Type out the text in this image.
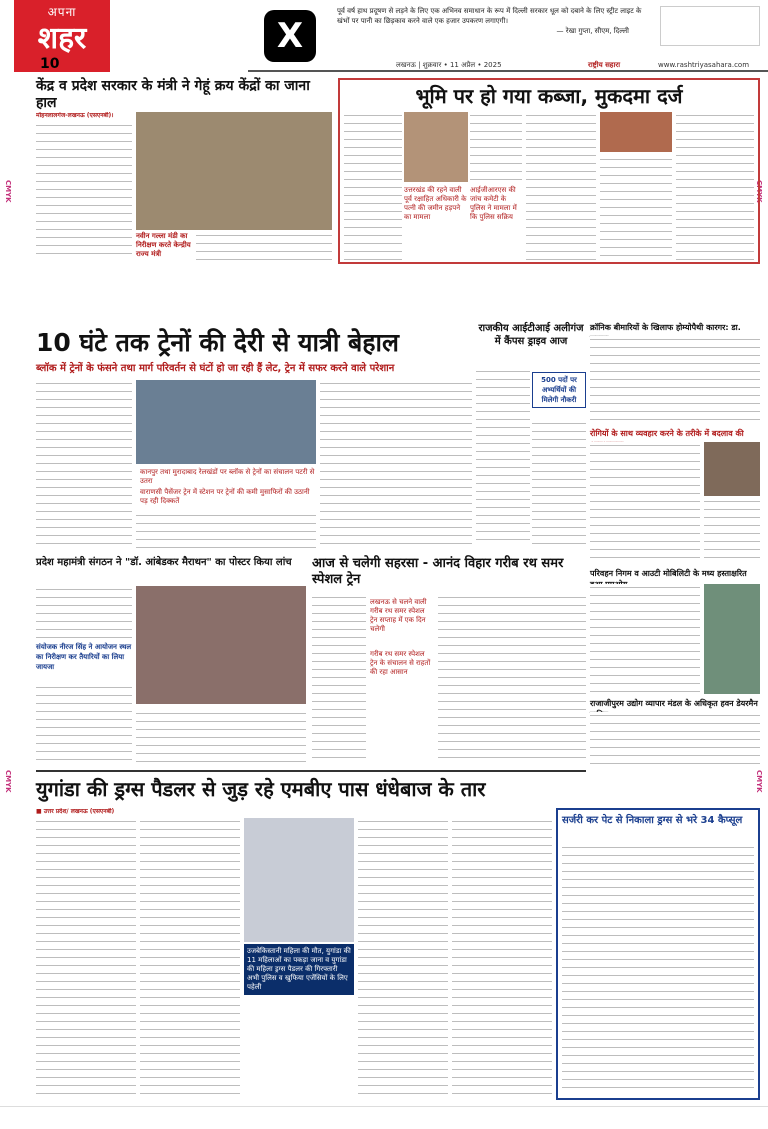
अपना
शहर
10
X
पूर्व वर्ष हाथ प्रदूषण से लड़ने के लिए एक अभिनव समाधान के रूप में दिल्ली सरकार धूल को दबाने के लिए स्ट्रीट लाइट के खंभों पर पानी का छिड़काव करने वाले एक हजार उपकरण लगाएगी।
— रेखा गुप्ता, सीएम, दिल्ली
लखनऊ | शुक्रवार • 11 अप्रैल • 2025	राष्ट्रीय सहारा	www.rashtriyasahara.com
CMYK	CMYK
CMYK	CMYK
केंद्र व प्रदेश सरकार के मंत्री ने गेहूं क्रय केंद्रों का जाना हाल
मोहनलालगंज-लखनऊ (एसएनबी)।
नवीन गल्ला मंडी का निरीक्षण करते केन्द्रीय राज्य मंत्री
भूमि पर हो गया कब्जा, मुकदमा दर्ज
उत्तरखंड की रहने वाली पूर्व रक्षाहित अधिकारी के पत्नी की जमीन हड़पने का मामला
आईजीआरएस की जांच कमेटी के पुलिस ने मामला में कि पुलिस सक्रिय
10 घंटे तक ट्रेनों की देरी से यात्री बेहाल
ब्लॉक में ट्रेनों के फंसने तथा मार्ग परिवर्तन से घंटों हो जा रही हैं लेट, ट्रेन में सफर करने वाले परेशान
कानपुर तथा मुरादाबाद रेलखंडों पर ब्लॉक से ट्रेनों का संचालन पटरी से उतरा
वाराणसी पैसेंजर ट्रेन में स्टेशन पर ट्रेनों की कमी मुसाफिरों की उठानी पड़ रही दिक्कतें
राजकीय आईटीआई अलीगंज में कैंपस ड्राइव आज
500 पदों पर अभ्यर्थियों की मिलेगी नौकरी
क्रॉनिक बीमारियों के खिलाफ होम्योपैथी कारगर: डा.
रोगियों के साथ व्यवहार करने के तरीके में बदलाव की
परिवहन निगम व आउटी मोबिलिटी के मध्य हस्ताक्षरित
राजाजीपुरम उद्योग व्यापार मंडल के अधिकृत हवन डेयरमैन
प्रदेश महामंत्री संगठन ने "डॉ. आंबेडकर मैराथन" का पोस्टर किया लांच
संयोजक नीरज सिंह ने आयोजन स्थल का निरीक्षण कर तैयारियों का लिया जायजा
आज से चलेगी सहरसा - आनंद विहार गरीब रथ समर स्पेशल ट्रेन
लखनऊ से चलने वाली गरीब रथ समर स्पेशल ट्रेन सप्ताह में एक दिन चलेगी
गरीब रथ समर स्पेशल ट्रेन के संचालन से राहतों की रहा आसान
युगांडा की ड्रग्स पैडलर से जुड़ रहे एमबीए पास धंधेबाज के तार
■ उत्तर प्रदेश/ लखनऊ (एसएनबी)
उजबेकिस्तानी महिला की मौत, युगांडा की 11 महिलाओं का पकड़ा जाना व युगांडा की महिला ड्रग्स पैडलर की गिरफ्तारी अभी पुलिस व खुफिया एजेंसियों के लिए पहेली
सर्जरी कर पेट से निकाला ड्रग्स से भरे 34 कैप्सूल
